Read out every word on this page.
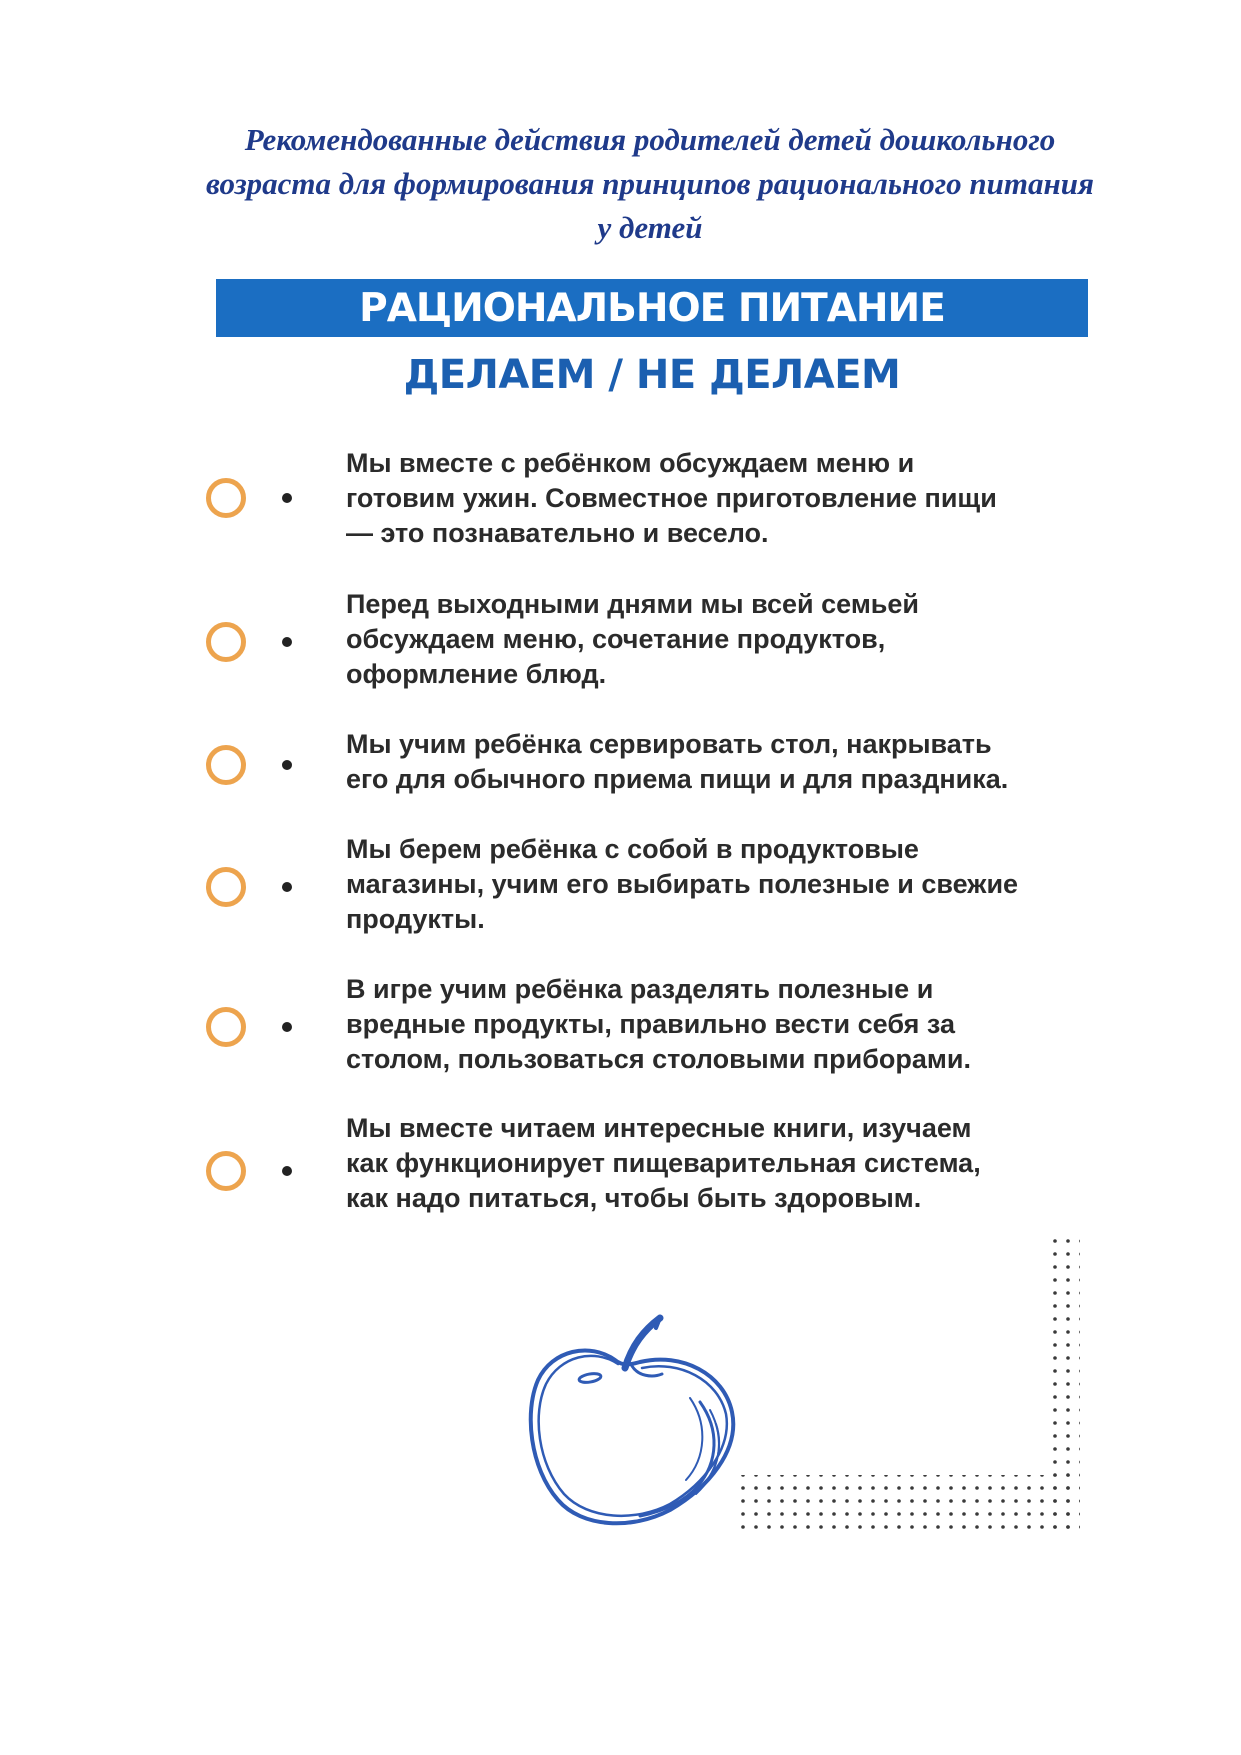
Рекомендованные действия родителей детей дошкольного
возраста для формирования принципов рационального питания
у детей
РАЦИОНАЛЬНОЕ ПИТАНИЕ
ДЕЛАЕМ / НЕ ДЕЛАЕМ
Мы вместе с ребёнком обсуждаем меню и
готовим ужин. Совместное приготовление пищи
— это познавательно и весело.
Перед выходными днями мы всей семьей
обсуждаем меню, сочетание продуктов,
оформление блюд.
Мы учим ребёнка сервировать стол, накрывать
его для обычного приема пищи и для праздника.
Мы берем ребёнка с собой в продуктовые
магазины, учим его выбирать полезные и свежие
продукты.
В игре учим ребёнка разделять полезные и
вредные продукты, правильно вести себя за
столом, пользоваться столовыми приборами.
Мы вместе читаем интересные книги, изучаем
как функционирует пищеварительная система,
как надо питаться, чтобы быть здоровым.
